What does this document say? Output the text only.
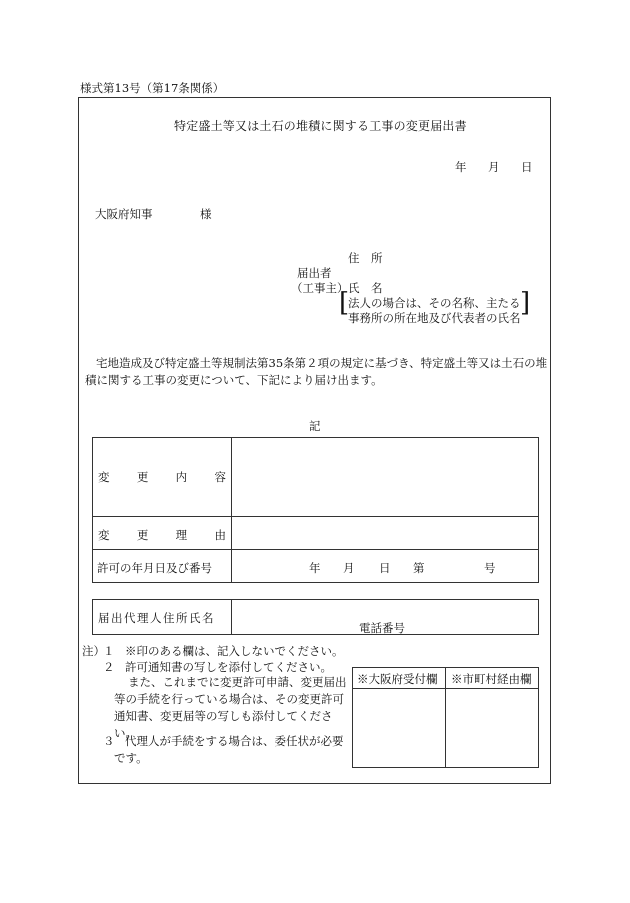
様式第13号（第17条関係）
特定盛土等又は土石の堆積に関する工事の変更届出書
年 月 日
大阪府知事	様
住　所
届出者
（工事主） 氏　名
[
法人の場合は、その名称、主たる
事務所の所在地及び代表者の氏名 ]
宅地造成及び特定盛土等規制法第35条第２項の規定に基づき、特定盛土等又は土石の堆
積に関する工事の変更について、下記により届け出ます。
記
変 更 内 容
変 更 理 由
許可の年月日及び番号	年 月 日 第	号
届出代理人住所氏名
電話番号
注）
１ ※印のある欄は、記入しないでください。
２ 許可通知書の写しを添付してください。
また、これまでに変更許可申請、変更届出等の手続を行っている場合は、その変更許可通知書、変更届等の写しも添付してください。
３ 代理人が手続をする場合は、委任状が必要です。
※大阪府受付欄 ※市町村経由欄
